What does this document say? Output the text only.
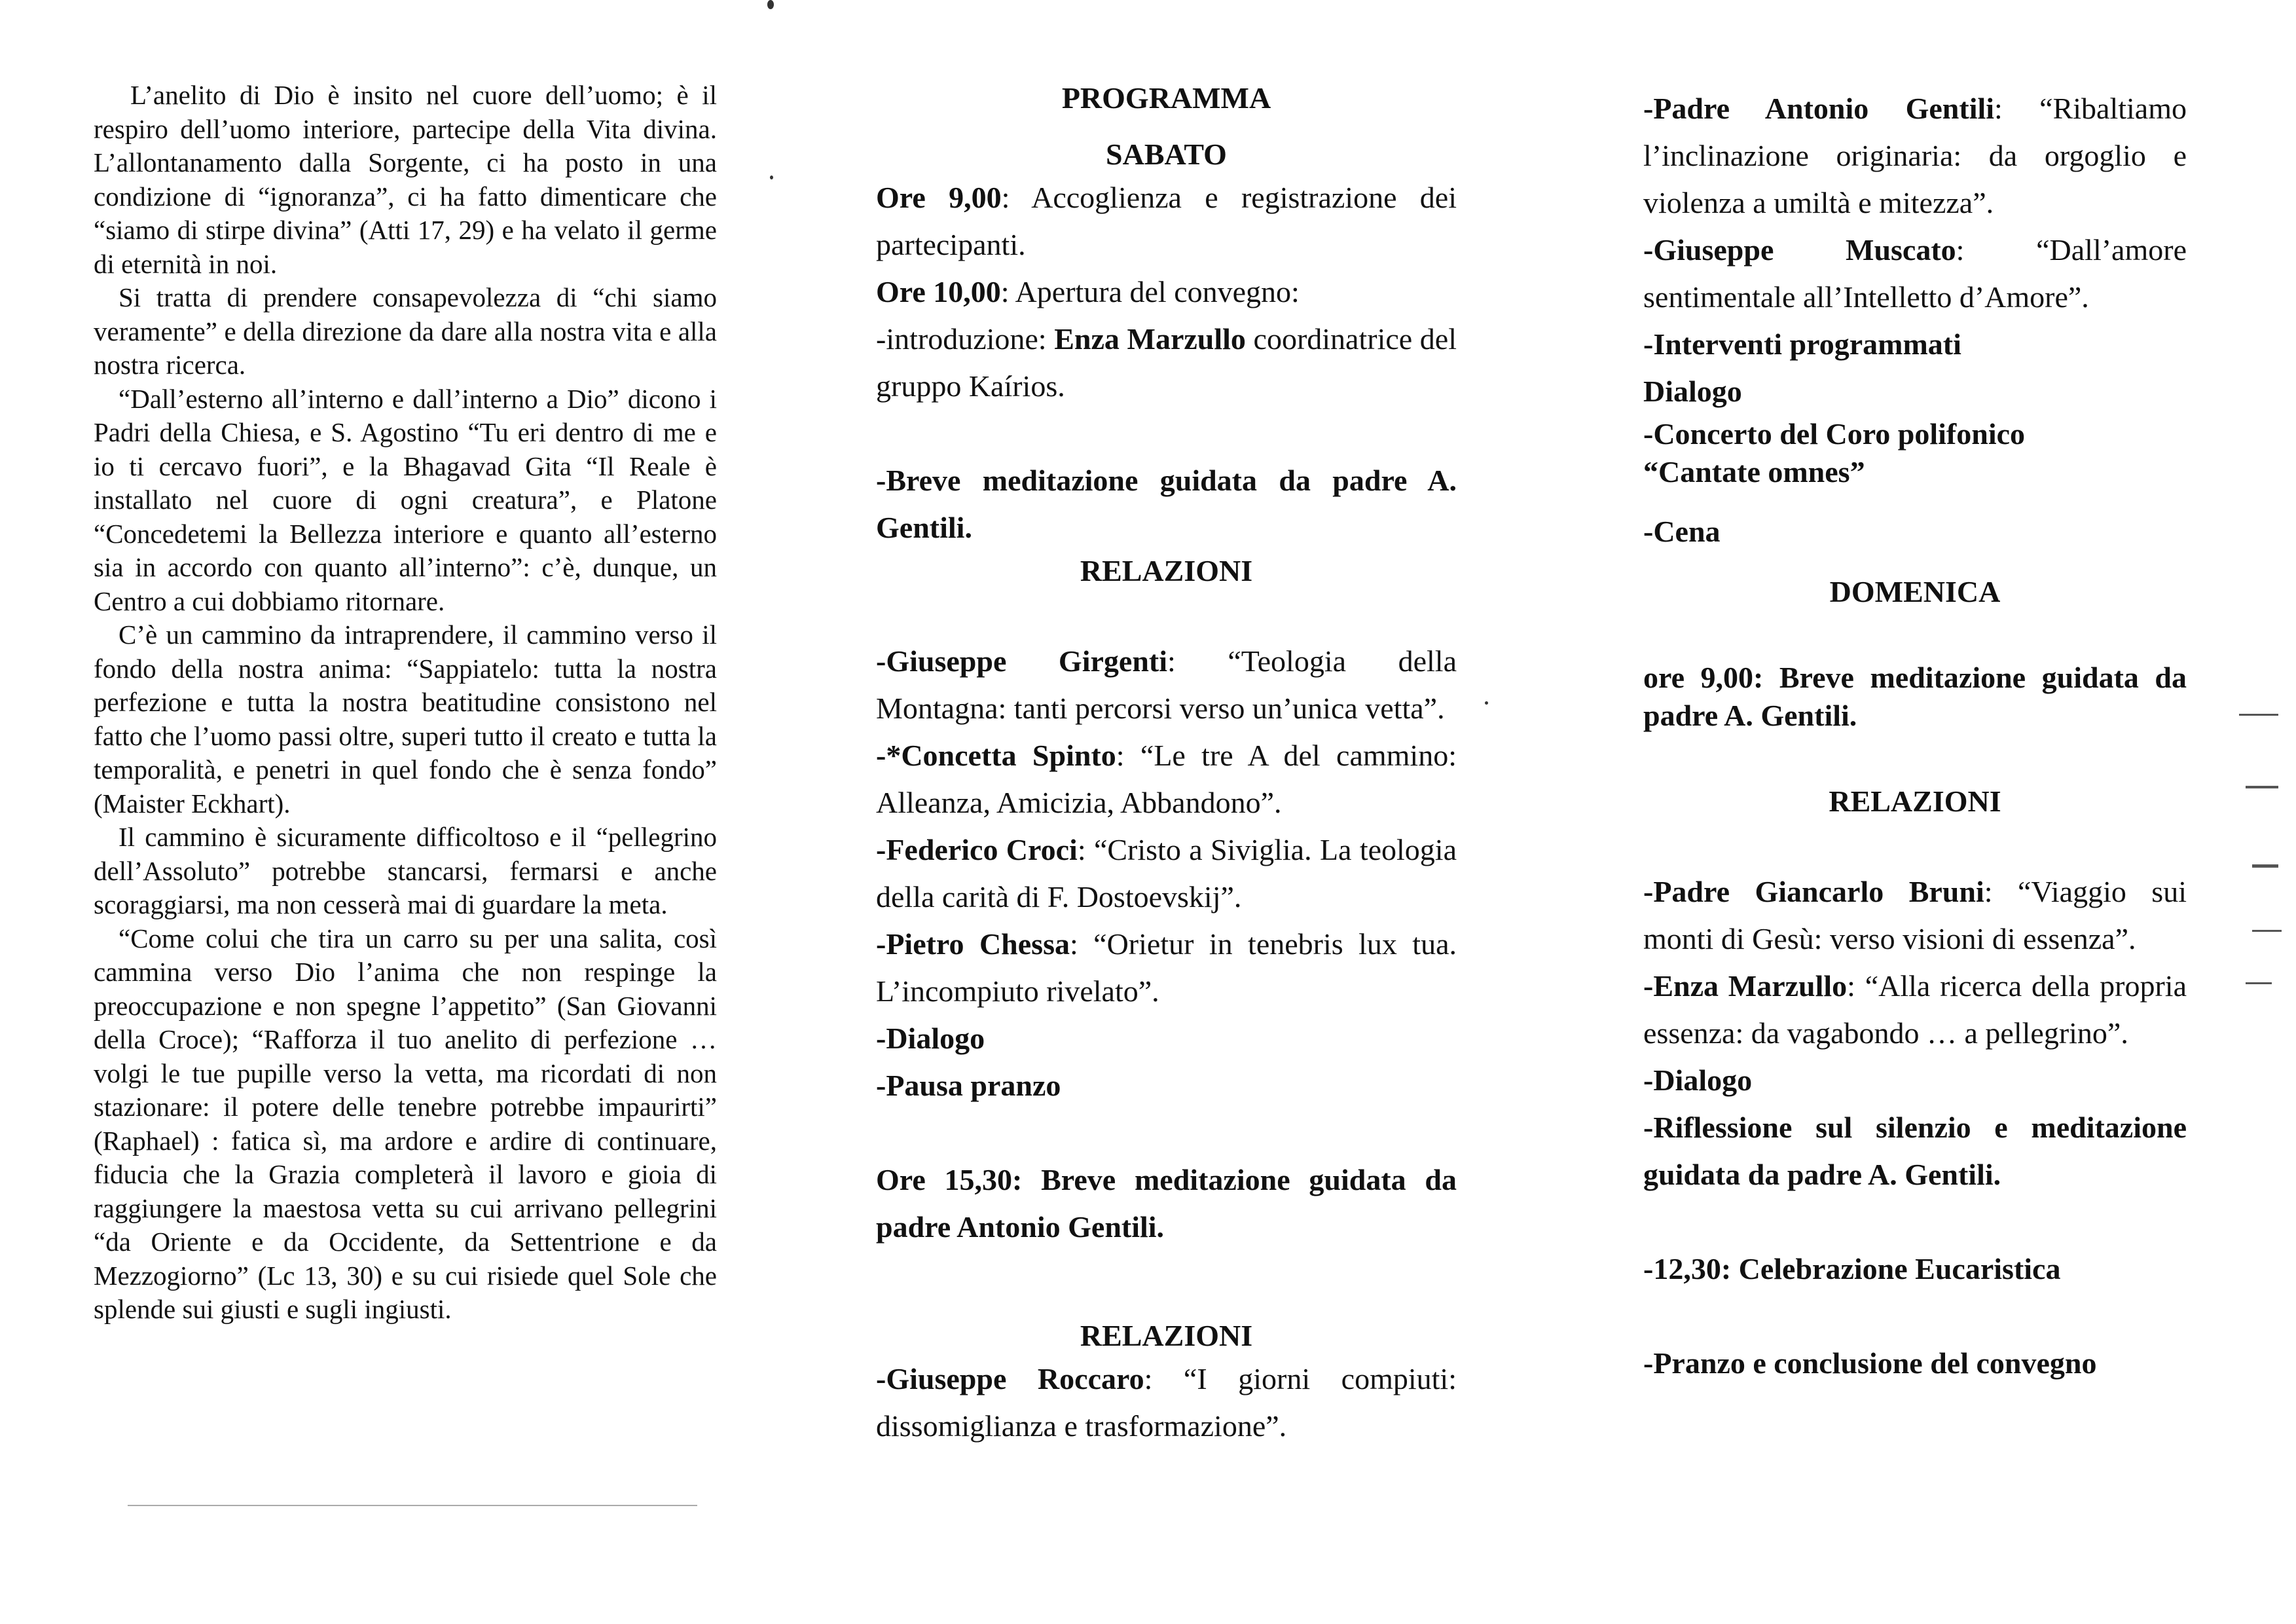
L’anelito di Dio è insito nel cuore dell’uomo; è il respiro dell’uomo interiore, partecipe della Vita divina. L’allontanamento dalla Sorgente, ci ha posto in una condizione di “ignoranza”, ci ha fatto dimenticare che “siamo di stirpe divina” (Atti 17, 29) e ha velato il germe di eternità in noi.

Si tratta di prendere consapevolezza di “chi siamo veramente” e della direzione da dare alla nostra vita e alla nostra ricerca.

“Dall’esterno all’interno e dall’interno a Dio” dicono i Padri della Chiesa, e S. Agostino “Tu eri dentro di me e io ti cercavo fuori”, e la Bhagavad Gita “Il Reale è installato nel cuore di ogni creatura”, e Platone “Concedetemi la Bellezza interiore e quanto all’esterno sia in accordo con quanto all’interno”: c’è, dunque, un Centro a cui dobbiamo ritornare.

C’è un cammino da intraprendere, il cammino verso il fondo della nostra anima: “Sappiatelo: tutta la nostra perfezione e tutta la nostra beatitudine consistono nel fatto che l’uomo passi oltre, superi tutto il creato e tutta la temporalità, e penetri in quel fondo che è senza fondo” (Maister Eckhart).

Il cammino è sicuramente difficoltoso e il “pellegrino dell’Assoluto” potrebbe stancarsi, fermarsi e anche scoraggiarsi, ma non cesserà mai di guardare la meta.

“Come colui che tira un carro su per una salita, così cammina verso Dio l’anima che non respinge la preoccupazione e non spegne l’appetito” (San Giovanni della Croce); “Rafforza il tuo anelito di perfezione … volgi le tue pupille verso la vetta, ma ricordati di non stazionare: il potere delle tenebre potrebbe impaurirti” (Raphael) : fatica sì, ma ardore e ardire di continuare, fiducia che la Grazia completerà il lavoro e gioia di raggiungere la maestosa vetta su cui arrivano pellegrini “da Oriente e da Occidente, da Settentrione e da Mezzogiorno” (Lc 13, 30) e su cui risiede quel Sole che splende sui giusti e sugli ingiusti.

PROGRAMMA
SABATO
Ore 9,00: Accoglienza e registrazione dei partecipanti.
Ore 10,00: Apertura del convegno:
-introduzione: Enza Marzullo coordinatrice del gruppo Kaírios.
-Breve meditazione guidata da padre A. Gentili.
RELAZIONI
-Giuseppe Girgenti: “Teologia della Montagna: tanti percorsi verso un’unica vetta”.
-*Concetta Spinto: “Le tre A del cammino: Alleanza, Amicizia, Abbandono”.
-Federico Croci: “Cristo a Siviglia. La teologia della carità di F. Dostoevskij”.
-Pietro Chessa: “Orietur in tenebris lux tua. L’incompiuto rivelato”.
-Dialogo
-Pausa pranzo
Ore 15,30: Breve meditazione guidata da padre Antonio Gentili.
RELAZIONI
-Giuseppe Roccaro: “I giorni compiuti: dissomiglianza e trasformazione”.
-Padre Antonio Gentili: “Ribaltiamo l’inclinazione originaria: da orgoglio e violenza a umiltà e mitezza”.
-Giuseppe Muscato: “Dall’amore sentimentale all’Intelletto d’Amore”.
-Interventi programmati
Dialogo
-Concerto del Coro polifonico
“Cantate omnes”
-Cena
DOMENICA
ore 9,00: Breve meditazione guidata da padre A. Gentili.
RELAZIONI
-Padre Giancarlo Bruni: “Viaggio sui monti di Gesù: verso visioni di essenza”.
-Enza Marzullo: “Alla ricerca della propria essenza: da vagabondo … a pellegrino”.
-Dialogo
-Riflessione sul silenzio e meditazione guidata da padre A. Gentili.
-12,30: Celebrazione Eucaristica
-Pranzo e conclusione del convegno
